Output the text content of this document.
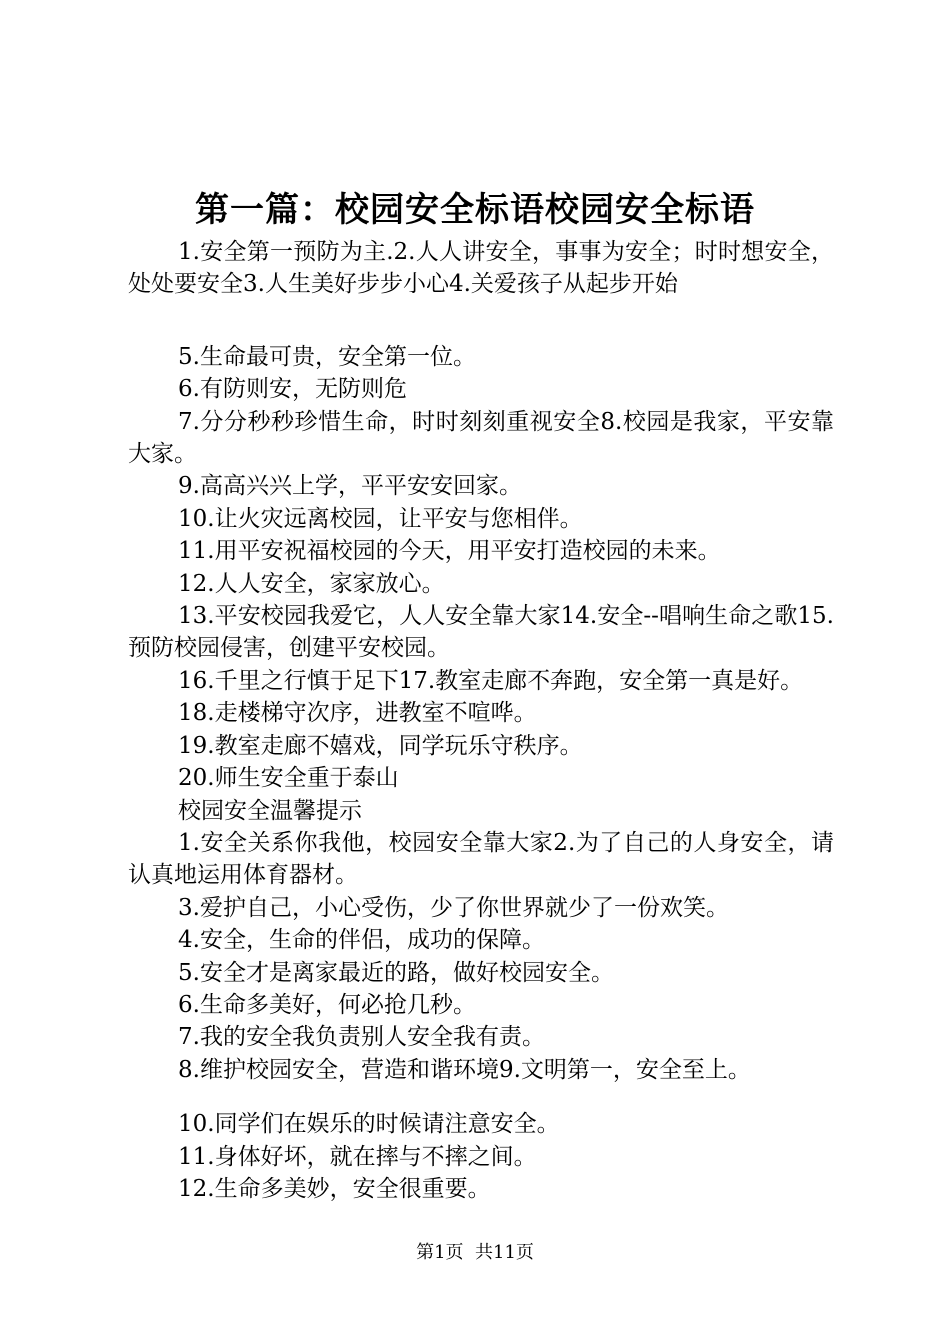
第一篇：校园安全标语校园安全标语

1.安全第一预防为主.2.人人讲安全，事事为安全；时时想安全，处处要安全3.人生美好步步小心4.关爱孩子从起步开始

5.生命最可贵，安全第一位。

6.有防则安，无防则危

7.分分秒秒珍惜生命，时时刻刻重视安全8.校园是我家，平安靠大家。

9.高高兴兴上学，平平安安回家。

10.让火灾远离校园，让平安与您相伴。

11.用平安祝福校园的今天，用平安打造校园的未来。

12.人人安全，家家放心。

13.平安校园我爱它，人人安全靠大家14.安全--唱响生命之歌15.预防校园侵害，创建平安校园。

16.千里之行慎于足下17.教室走廊不奔跑，安全第一真是好。

18.走楼梯守次序，进教室不喧哗。

19.教室走廊不嬉戏，同学玩乐守秩序。

20.师生安全重于泰山

校园安全温馨提示

1.安全关系你我他，校园安全靠大家2.为了自己的人身安全，请认真地运用体育器材。

3.爱护自己，小心受伤，少了你世界就少了一份欢笑。

4.安全，生命的伴侣，成功的保障。

5.安全才是离家最近的路，做好校园安全。

6.生命多美好，何必抢几秒。

7.我的安全我负责别人安全我有责。

8.维护校园安全，营造和谐环境9.文明第一，安全至上。

10.同学们在娱乐的时候请注意安全。

11.身体好坏，就在摔与不摔之间。

12.生命多美妙，安全很重要。

第1页  共11页
